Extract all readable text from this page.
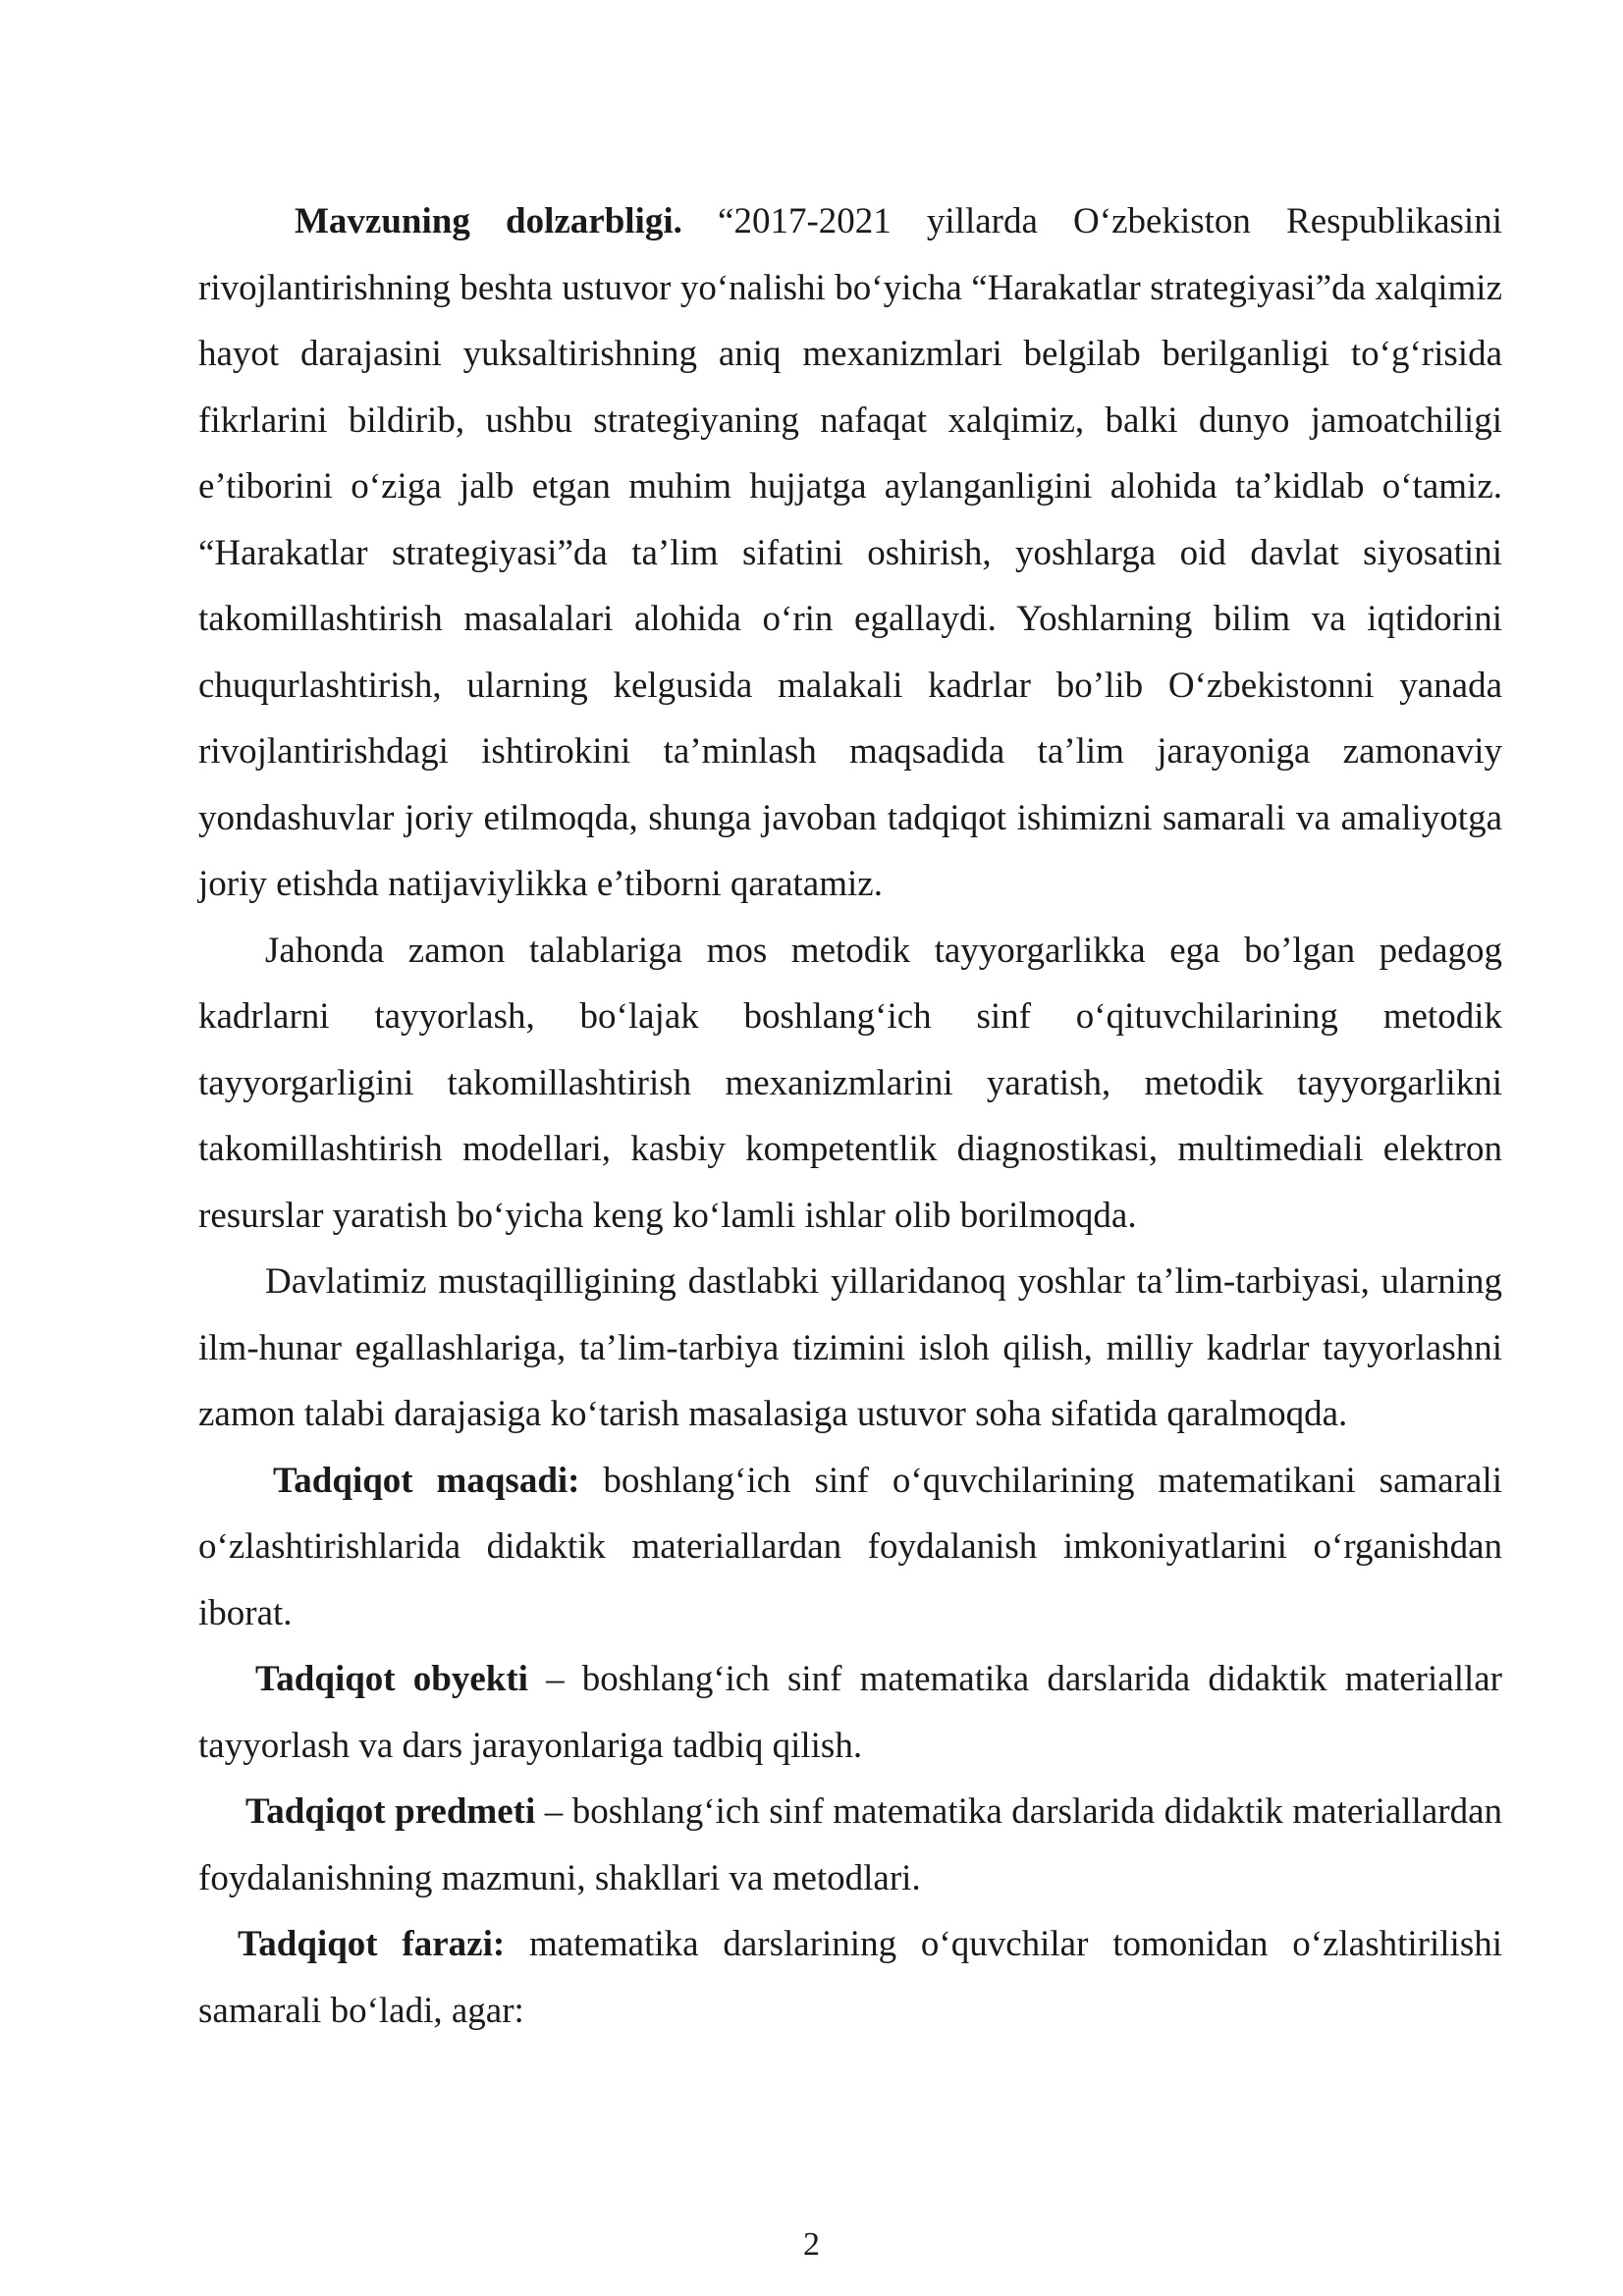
Mavzuning dolzarbligi. “2017-2021 yillarda O‘zbekiston Respublikasini rivojlantirishning beshta ustuvor yo‘nalishi bo‘yicha “Harakatlar strategiyasi”da xalqimiz hayot darajasini yuksaltirishning aniq mexanizmlari belgilab berilganligi to‘g‘risida fikrlarini bildirib, ushbu strategiyaning nafaqat xalqimiz, balki dunyo jamoatchiligi e’tiborini o‘ziga jalb etgan muhim hujjatga aylanganligini alohida ta’kidlab o‘tamiz. “Harakatlar strategiyasi”da ta’lim sifatini oshirish, yoshlarga oid davlat siyosatini takomillashtirish masalalari alohida o‘rin egallaydi. Yoshlarning bilim va iqtidorini chuqurlashtirish, ularning kelgusida malakali kadrlar bo’lib O‘zbekistonni yanada rivojlantirishdagi ishtirokini ta’minlash maqsadida ta’lim jarayoniga zamonaviy yondashuvlar joriy etilmoqda, shunga javoban tadqiqot ishimizni samarali va amaliyotga joriy etishda natijaviylikka e’tiborni qaratamiz.

Jahonda zamon talablariga mos metodik tayyorgarlikka ega bo’lgan pedagog kadrlarni tayyorlash, bo‘lajak boshlang‘ich sinf o‘qituvchilarining metodik tayyorgarligini takomillashtirish mexanizmlarini yaratish, metodik tayyorgarlikni takomillashtirish modellari, kasbiy kompetentlik diagnostikasi, multimediali elektron resurslar yaratish bo‘yicha keng ko‘lamli ishlar olib borilmoqda.

Davlatimiz mustaqilligining dastlabki yillaridanoq yoshlar ta’lim-tarbiyasi, ularning ilm-hunar egallashlariga, ta’lim-tarbiya tizimini isloh qilish, milliy kadrlar tayyorlashni zamon talabi darajasiga ko‘tarish masalasiga ustuvor soha sifatida qaralmoqda.

Tadqiqot maqsadi: boshlang‘ich sinf o‘quvchilarining matematikani samarali o‘zlashtirishlarida didaktik materiallardan foydalanish imkoniyatlarini o‘rganishdan iborat.

Tadqiqot obyekti – boshlang‘ich sinf matematika darslarida didaktik materiallar tayyorlash va dars jarayonlariga tadbiq qilish.

Tadqiqot predmeti – boshlang‘ich sinf matematika darslarida didaktik materiallardan foydalanishning mazmuni, shakllari va metodlari.

Tadqiqot farazi: matematika darslarining o‘quvchilar tomonidan o‘zlashtirilishi samarali bo‘ladi, agar:

2
